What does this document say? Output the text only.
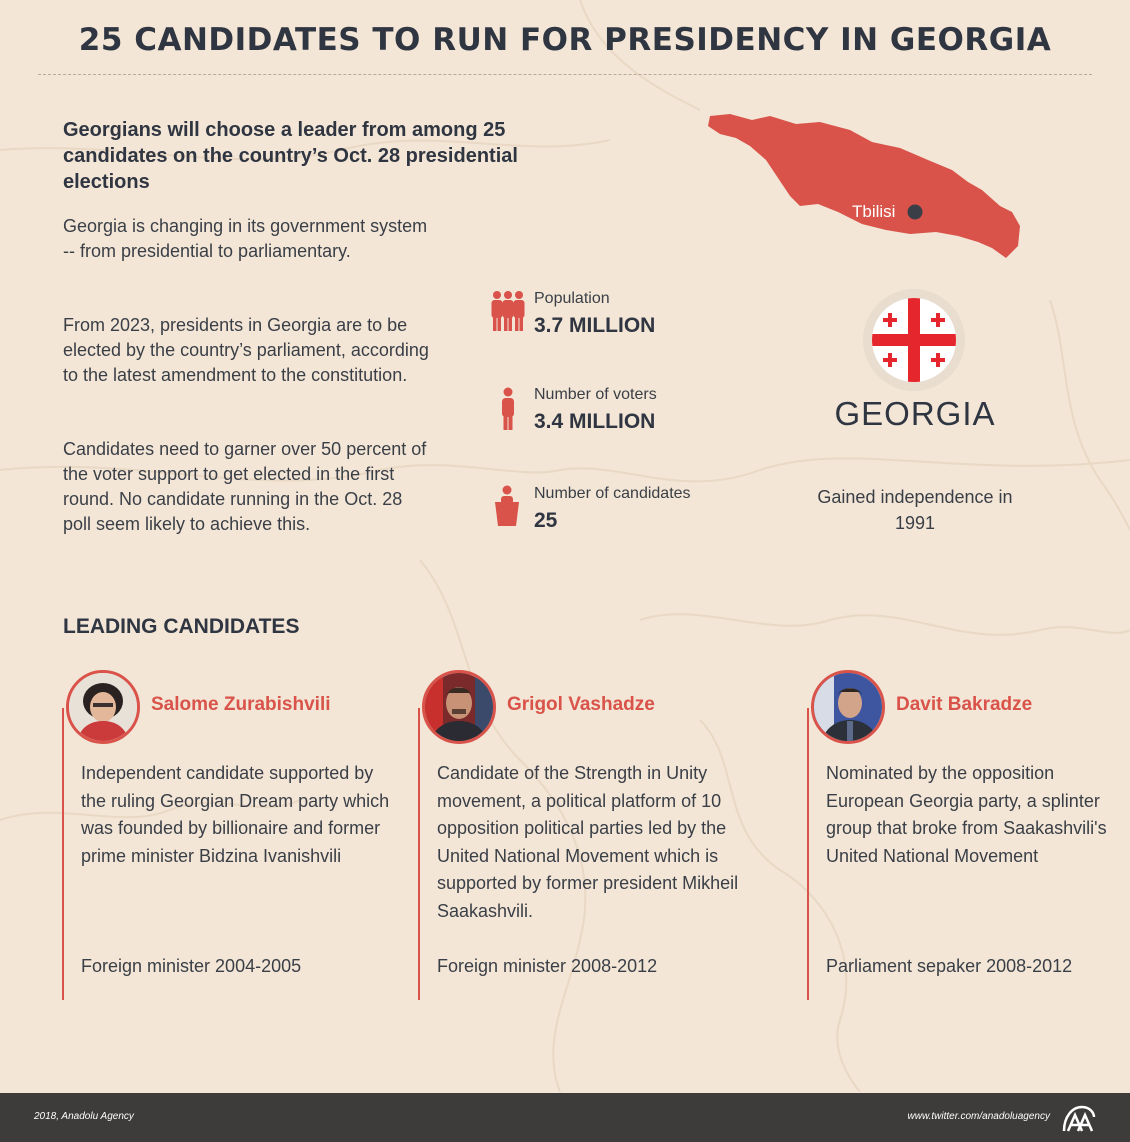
25 CANDIDATES TO RUN FOR PRESIDENCY IN GEORGIA
Georgians will choose a leader from among 25 candidates on the country’s Oct. 28 presidential elections
Georgia is changing in its government system -- from presidential to parliamentary.
From 2023, presidents in Georgia are to be elected by the country’s parliament, according to the latest amendment to the constitution.
Candidates need to garner over 50 percent of the voter support to get elected in the first round. No candidate running in the Oct. 28 poll seem likely to achieve this.
Population
3.7 MILLION
Number of voters
3.4 MILLION
Number of candidates
25
Tbilisi
GEORGIA
Gained independence in 1991
LEADING CANDIDATES
Salome Zurabishvili
Independent candidate supported by the ruling Georgian Dream party which was founded by billionaire and former prime minister Bidzina Ivanishvili
Foreign minister 2004-2005
Grigol Vashadze
Candidate of the Strength in Unity movement, a political platform of 10 opposition political parties led by the United National Movement which is supported by former president Mikheil Saakashvili.
Foreign minister 2008-2012
Davit Bakradze
Nominated by the opposition European Georgia party, a splinter group that broke from Saakashvili's United National Movement
Parliament sepaker 2008-2012
2018, Anadolu Agency	www.twitter.com/anadoluagency
